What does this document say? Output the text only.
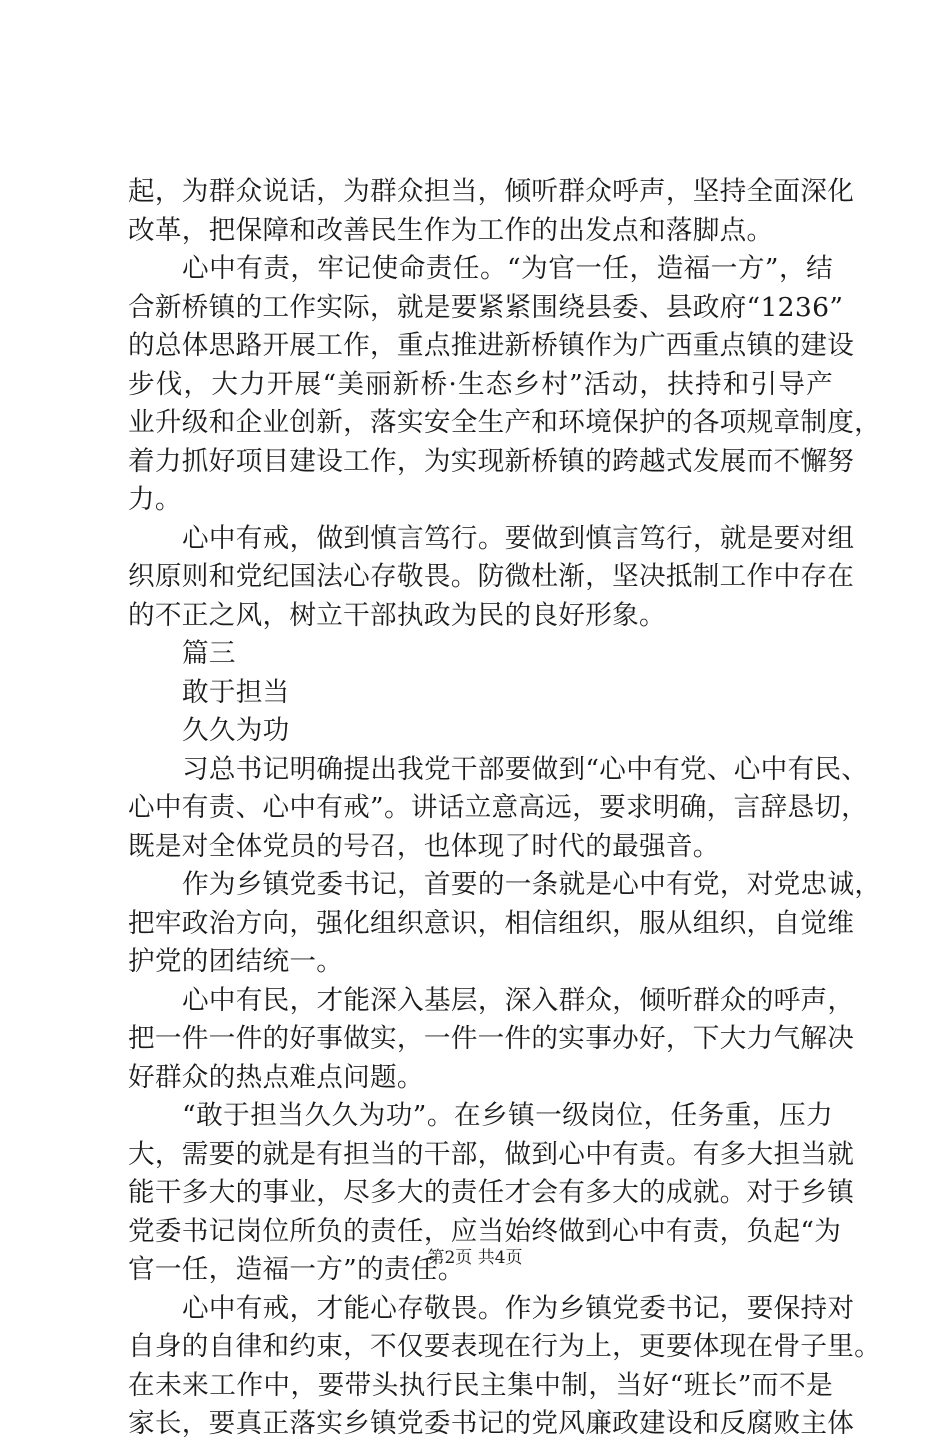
起，为群众说话，为群众担当，倾听群众呼声，坚持全面深化
改革，把保障和改善民生作为工作的出发点和落脚点。
心中有责，牢记使命责任。“为官一任，造福一方”，结
合新桥镇的工作实际，就是要紧紧围绕县委、县政府“1236”
的总体思路开展工作，重点推进新桥镇作为广西重点镇的建设
步伐，大力开展“美丽新桥·生态乡村”活动，扶持和引导产
业升级和企业创新，落实安全生产和环境保护的各项规章制度，
着力抓好项目建设工作，为实现新桥镇的跨越式发展而不懈努
力。
心中有戒，做到慎言笃行。要做到慎言笃行，就是要对组
织原则和党纪国法心存敬畏。防微杜渐，坚决抵制工作中存在
的不正之风，树立干部执政为民的良好形象。
篇三
敢于担当
久久为功
习总书记明确提出我党干部要做到“心中有党、心中有民、
心中有责、心中有戒”。讲话立意高远，要求明确，言辞恳切，
既是对全体党员的号召，也体现了时代的最强音。
作为乡镇党委书记，首要的一条就是心中有党，对党忠诚，
把牢政治方向，强化组织意识，相信组织，服从组织，自觉维
护党的团结统一。
心中有民，才能深入基层，深入群众，倾听群众的呼声，
把一件一件的好事做实，一件一件的实事办好，下大力气解决
好群众的热点难点问题。
“敢于担当久久为功”。在乡镇一级岗位，任务重，压力
大，需要的就是有担当的干部，做到心中有责。有多大担当就
能干多大的事业，尽多大的责任才会有多大的成就。对于乡镇
党委书记岗位所负的责任，应当始终做到心中有责，负起“为
官一任，造福一方”的责任。
心中有戒，才能心存敬畏。作为乡镇党委书记，要保持对
自身的自律和约束，不仅要表现在行为上，更要体现在骨子里。
在未来工作中，要带头执行民主集中制，当好“班长”而不是
家长，要真正落实乡镇党委书记的党风廉政建设和反腐败主体
第2页 共4页
